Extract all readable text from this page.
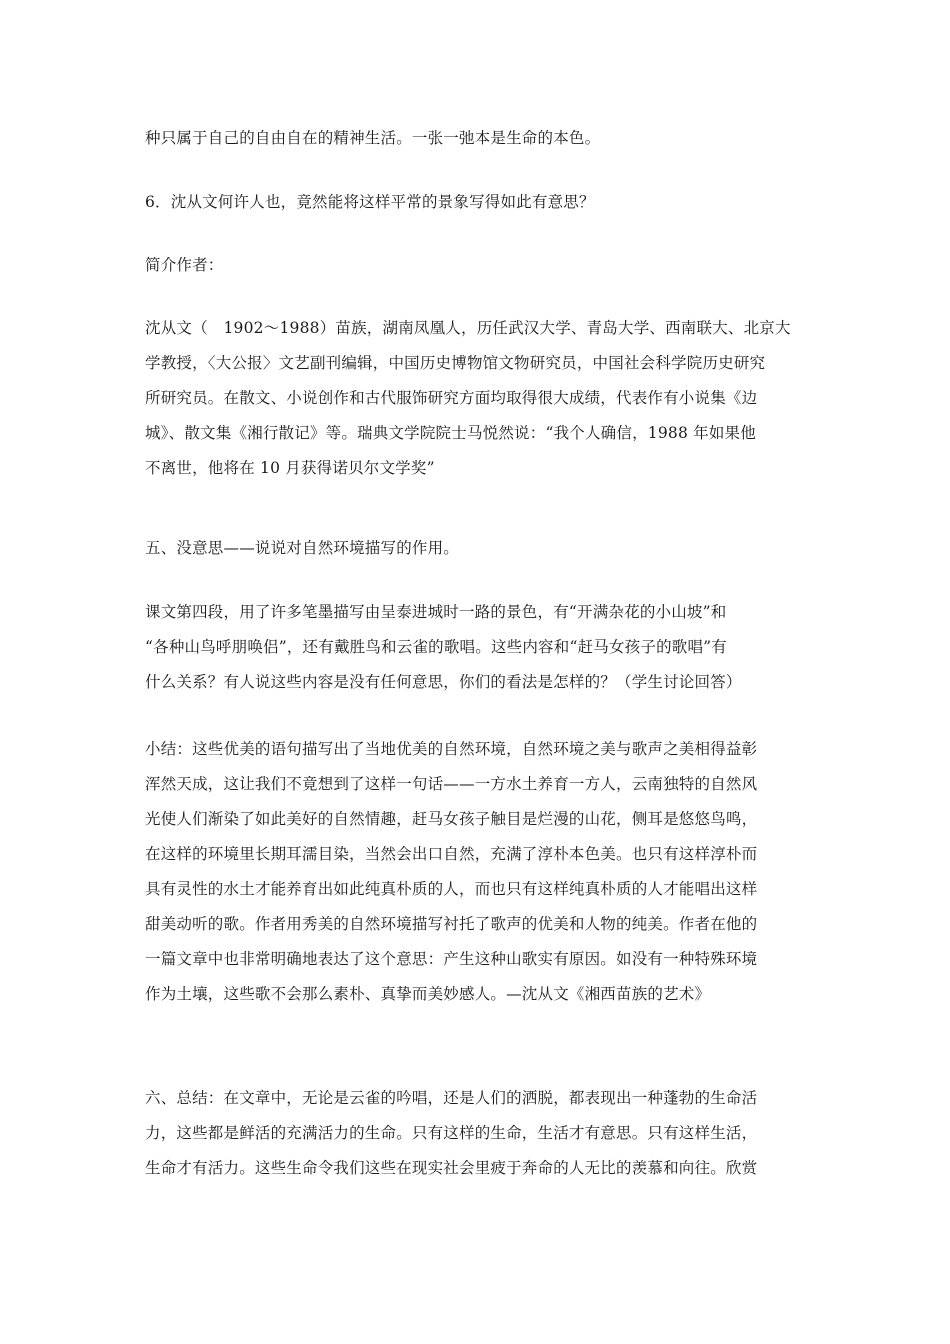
种只属于自己的自由自在的精神生活。一张一弛本是生命的本色。

6．沈从文何许人也，竟然能将这样平常的景象写得如此有意思？

简介作者：

沈从文（　1902～1988）苗族，湖南凤凰人，历任武汉大学、青岛大学、西南联大、北京大
学教授，〈大公报〉文艺副刊编辑，中国历史博物馆文物研究员，中国社会科学院历史研究
所研究员。在散文、小说创作和古代服饰研究方面均取得很大成绩，代表作有小说集《边
城》、散文集《湘行散记》等。瑞典文学院院士马悦然说：“我个人确信，1988 年如果他
不离世，他将在 10 月获得诺贝尔文学奖”

五、没意思——说说对自然环境描写的作用。

课文第四段，用了许多笔墨描写由呈泰进城时一路的景色，有“开满杂花的小山坡”和
“各种山鸟呼朋唤侣”，还有戴胜鸟和云雀的歌唱。这些内容和“赶马女孩子的歌唱”有
什么关系？有人说这些内容是没有任何意思，你们的看法是怎样的？（学生讨论回答）

小结：这些优美的语句描写出了当地优美的自然环境，自然环境之美与歌声之美相得益彰
浑然天成，这让我们不竟想到了这样一句话——一方水土养育一方人，云南独特的自然风
光使人们渐染了如此美好的自然情趣，赶马女孩子触目是烂漫的山花，侧耳是悠悠鸟鸣，
在这样的环境里长期耳濡目染，当然会出口自然，充满了淳朴本色美。也只有这样淳朴而
具有灵性的水土才能养育出如此纯真朴质的人，而也只有这样纯真朴质的人才能唱出这样
甜美动听的歌。作者用秀美的自然环境描写衬托了歌声的优美和人物的纯美。作者在他的
一篇文章中也非常明确地表达了这个意思：产生这种山歌实有原因。如没有一种特殊环境
作为土壤，这些歌不会那么素朴、真挚而美妙感人。—沈从文《湘西苗族的艺术》

六、总结：在文章中，无论是云雀的吟唱，还是人们的洒脱，都表现出一种蓬勃的生命活
力，这些都是鲜活的充满活力的生命。只有这样的生命，生活才有意思。只有这样生活，
生命才有活力。这些生命令我们这些在现实社会里疲于奔命的人无比的羡慕和向往。欣赏
